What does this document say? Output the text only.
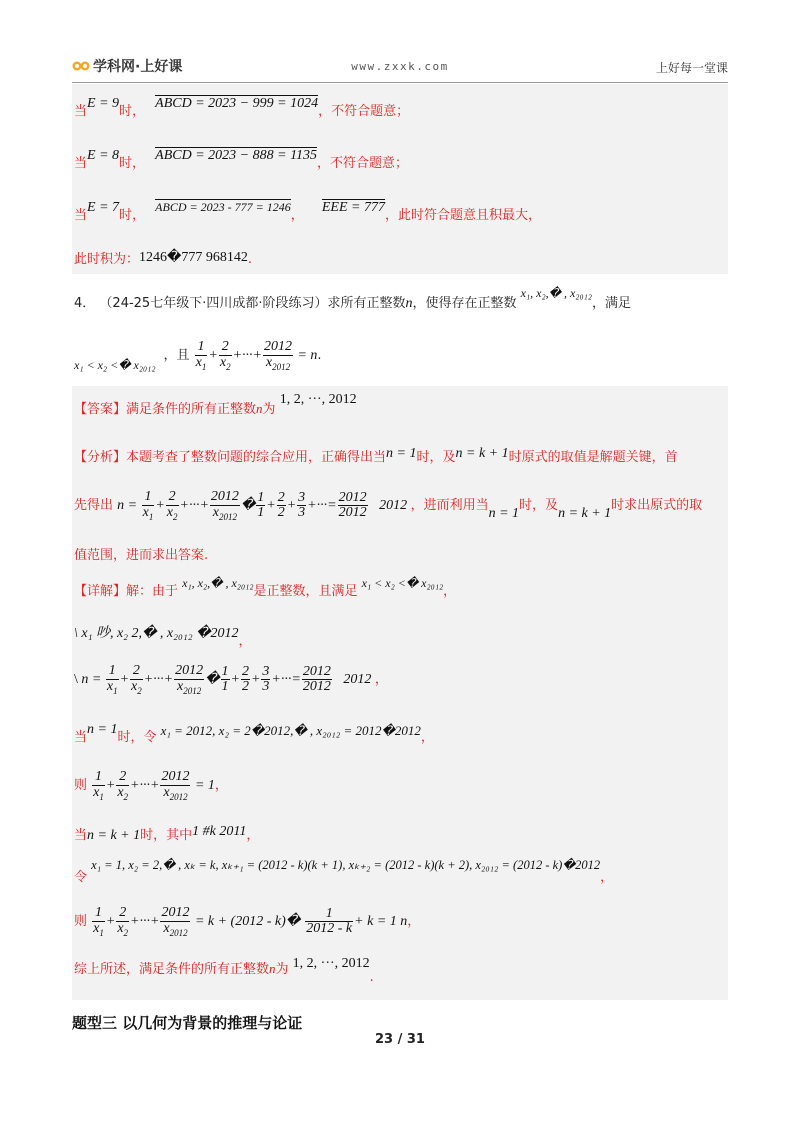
学科网·上好课	www.zxxk.com	上好每一堂课
当E = 9时， ABCD = 2023 − 999 = 1024，不符合题意；
当E = 8时， ABCD = 2023 − 888 = 1135，不符合题意；
当E = 7时， ABCD = 2023 - 777 = 1246， EEE = 777，此时符合题意且积最大，
此时积为：1246�777 968142.
4． （24-25七年级下·四川成都·阶段练习）求所有正整数n，使得存在正整数 x₁, x₂,� , x₂₀₁₂，满足
x₁ < x₂ <� x₂₀₁₂，且 $\frac{1}{x_1} + \frac{2}{x_2}$ +···+ $\frac{2012}{x_{2012}} = n$.
【答案】满足条件的所有正整数n为 1, 2, ···, 2012
【分析】本题考查了整数问题的综合应用，正确得出当n = 1时，及n = k + 1时原式的取值是解题关键，首
先得出 $n = \frac{1}{x_1} + \frac{2}{x_2}$ +···+ $\frac{2012}{x_{2012}}$ � $\frac{1}{1} + \frac{2}{2} + \frac{3}{3}$ +···= $\frac{2012}{2012} 2012$ ，进而利用当n = 1时，及n = k + 1时求出原式的取
值范围，进而求出答案.
【详解】解：由于 x₁, x₂,� , x₂₀₁₂是正整数，且满足 x₁ < x₂ <� x₂₀₁₂，
\ x₁ 吵, x₂ 2,� , x₂₀₁₂ �2012，
\ $n = \frac{1}{x_1} + \frac{2}{x_2}$ +···+ $\frac{2012}{x_{2012}}$ � $\frac{1}{1} + \frac{2}{2} + \frac{3}{3}$ +···= $\frac{2012}{2012} 2012$ ，
当n = 1时，令 x₁ = 2012, x₂ = 2�2012,� , x₂₀₁₂ = 2012�2012，
则 $\frac{1}{x_1} + \frac{2}{x_2}$ +···+ $\frac{2012}{x_{2012}} = 1$，
当n = k + 1时，其中1 #k 2011，
令 x₁ = 1, x₂ = 2,� , xₖ = k, xₖ₊₁ = (2012 - k)(k + 1), xₖ₊₂ = (2012 - k)(k + 2), x₂₀₁₂ = (2012 - k)�2012，
则 $\frac{1}{x_1} + \frac{2}{x_2}$ +···+ $\frac{2012}{x_{2012}} = k + (2012$ - k)� $\frac{1}{2012 - k} + k = 1$ n，
综上所述，满足条件的所有正整数n为 1, 2, ···, 2012.
题型三 以几何为背景的推理与论证
23 / 31
